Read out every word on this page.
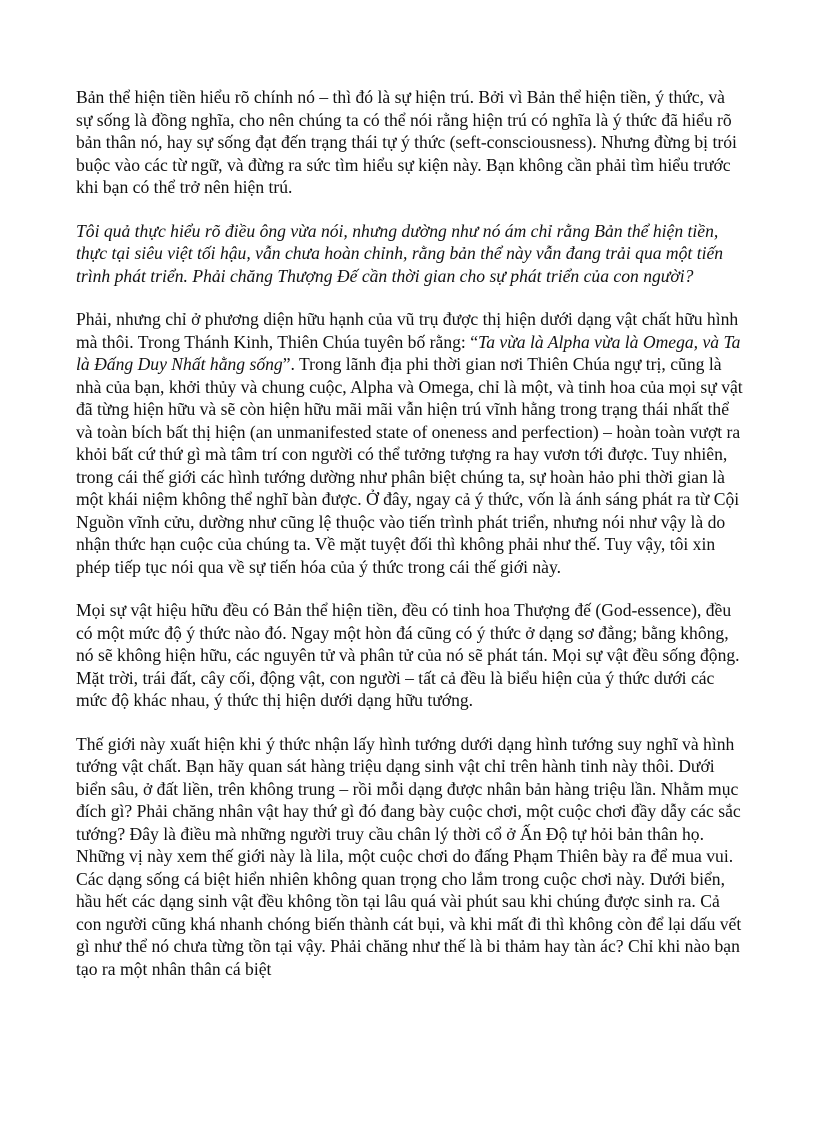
Bản thể hiện tiền hiểu rõ chính nó – thì đó là sự hiện trú. Bởi vì Bản thể hiện tiền, ý thức, và sự sống là đồng nghĩa, cho nên chúng ta có thể nói rằng hiện trú có nghĩa là ý thức đã hiểu rõ bản thân nó, hay sự sống đạt đến trạng thái tự ý thức (seft-consciousness). Nhưng đừng bị trói buộc vào các từ ngữ, và đừng ra sức tìm hiểu sự kiện này. Bạn không cần phải tìm hiểu trước khi bạn có thể trở nên hiện trú.

Tôi quả thực hiểu rõ điều ông vừa nói, nhưng dường như nó ám chỉ rằng Bản thể hiện tiền, thực tại siêu việt tối hậu, vẫn chưa hoàn chỉnh, rằng bản thể này vẫn đang trải qua một tiến trình phát triển. Phải chăng Thượng Đế cần thời gian cho sự phát triển của con người?

Phải, nhưng chỉ ở phương diện hữu hạnh của vũ trụ được thị hiện dưới dạng vật chất hữu hình mà thôi. Trong Thánh Kinh, Thiên Chúa tuyên bố rằng: “Ta vừa là Alpha vừa là Omega, và Ta là Đấng Duy Nhất hằng sống”. Trong lãnh địa phi thời gian nơi Thiên Chúa ngự trị, cũng là nhà của bạn, khởi thủy và chung cuộc, Alpha và Omega, chỉ là một, và tinh hoa của mọi sự vật đã từng hiện hữu và sẽ còn hiện hữu mãi mãi vẫn hiện trú vĩnh hằng trong trạng thái nhất thể và toàn bích bất thị hiện (an unmanifested state of oneness and perfection) – hoàn toàn vượt ra khỏi bất cứ thứ gì mà tâm trí con người có thể tưởng tượng ra hay vươn tới được. Tuy nhiên, trong cái thế giới các hình tướng dường như phân biệt chúng ta, sự hoàn hảo phi thời gian là một khái niệm không thể nghĩ bàn được. Ở đây, ngay cả ý thức, vốn là ánh sáng phát ra từ Cội Nguồn vĩnh cửu, dường như cũng lệ thuộc vào tiến trình phát triển, nhưng nói như vậy là do nhận thức hạn cuộc của chúng ta. Về mặt tuyệt đối thì không phải như thế. Tuy vậy, tôi xin phép tiếp tục nói qua về sự tiến hóa của ý thức trong cái thế giới này.

Mọi sự vật hiệu hữu đều có Bản thể hiện tiền, đều có tinh hoa Thượng đế (God-essence), đều có một mức độ ý thức nào đó. Ngay một hòn đá cũng có ý thức ở dạng sơ đẳng; bằng không, nó sẽ không hiện hữu, các nguyên tử và phân tử của nó sẽ phát tán. Mọi sự vật đều sống động. Mặt trời, trái đất, cây cối, động vật, con người – tất cả đều là biểu hiện của ý thức dưới các mức độ khác nhau, ý thức thị hiện dưới dạng hữu tướng.

Thế giới này xuất hiện khi ý thức nhận lấy hình tướng dưới dạng hình tướng suy nghĩ và hình tướng vật chất. Bạn hãy quan sát hàng triệu dạng sinh vật chỉ trên hành tinh này thôi. Dưới biển sâu, ở đất liền, trên không trung – rồi mỗi dạng được nhân bản hàng triệu lần. Nhằm mục đích gì? Phải chăng nhân vật hay thứ gì đó đang bày cuộc chơi, một cuộc chơi đầy dẫy các sắc tướng? Đây là điều mà những người truy cầu chân lý thời cổ ở Ấn Độ tự hỏi bản thân họ. Những vị này xem thế giới này là lila, một cuộc chơi do đấng Phạm Thiên bày ra để mua vui. Các dạng sống cá biệt hiển nhiên không quan trọng cho lắm trong cuộc chơi này. Dưới biển, hầu hết các dạng sinh vật đều không tồn tại lâu quá vài phút sau khi chúng được sinh ra. Cả con người cũng khá nhanh chóng biến thành cát bụi, và khi mất đi thì không còn để lại dấu vết gì như thể nó chưa từng tồn tại vậy. Phải chăng như thế là bi thảm hay tàn ác? Chỉ khi nào bạn tạo ra một nhân thân cá biệt
